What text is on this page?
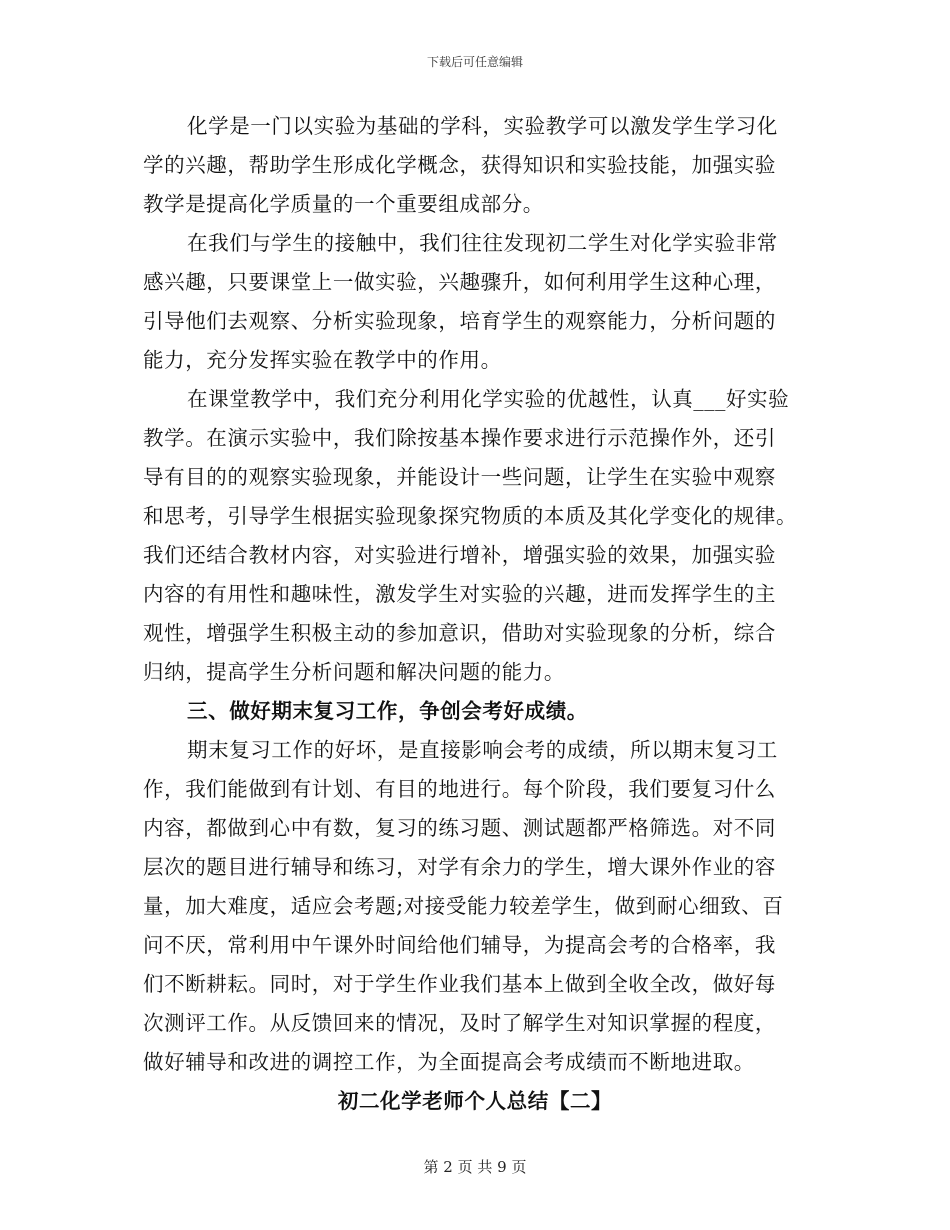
下载后可任意编辑
化学是一门以实验为基础的学科，实验教学可以激发学生学习化
学的兴趣，帮助学生形成化学概念，获得知识和实验技能，加强实验
教学是提高化学质量的一个重要组成部分。
在我们与学生的接触中，我们往往发现初二学生对化学实验非常
感兴趣，只要课堂上一做实验，兴趣骤升，如何利用学生这种心理，
引导他们去观察、分析实验现象，培育学生的观察能力，分析问题的
能力，充分发挥实验在教学中的作用。
在课堂教学中，我们充分利用化学实验的优越性，认真___好实验
教学。在演示实验中，我们除按基本操作要求进行示范操作外，还引
导有目的的观察实验现象，并能设计一些问题，让学生在实验中观察
和思考，引导学生根据实验现象探究物质的本质及其化学变化的规律。
我们还结合教材内容，对实验进行增补，增强实验的效果，加强实验
内容的有用性和趣味性，激发学生对实验的兴趣，进而发挥学生的主
观性，增强学生积极主动的参加意识，借助对实验现象的分析，综合
归纳，提高学生分析问题和解决问题的能力。
三、做好期末复习工作，争创会考好成绩。
期末复习工作的好坏，是直接影响会考的成绩，所以期末复习工
作，我们能做到有计划、有目的地进行。每个阶段，我们要复习什么
内容，都做到心中有数，复习的练习题、测试题都严格筛选。对不同
层次的题目进行辅导和练习，对学有余力的学生，增大课外作业的容
量，加大难度，适应会考题;对接受能力较差学生，做到耐心细致、百
问不厌，常利用中午课外时间给他们辅导，为提高会考的合格率，我
们不断耕耘。同时，对于学生作业我们基本上做到全收全改，做好每
次测评工作。从反馈回来的情况，及时了解学生对知识掌握的程度，
做好辅导和改进的调控工作，为全面提高会考成绩而不断地进取。
初二化学老师个人总结【二】
第 2 页 共 9 页
